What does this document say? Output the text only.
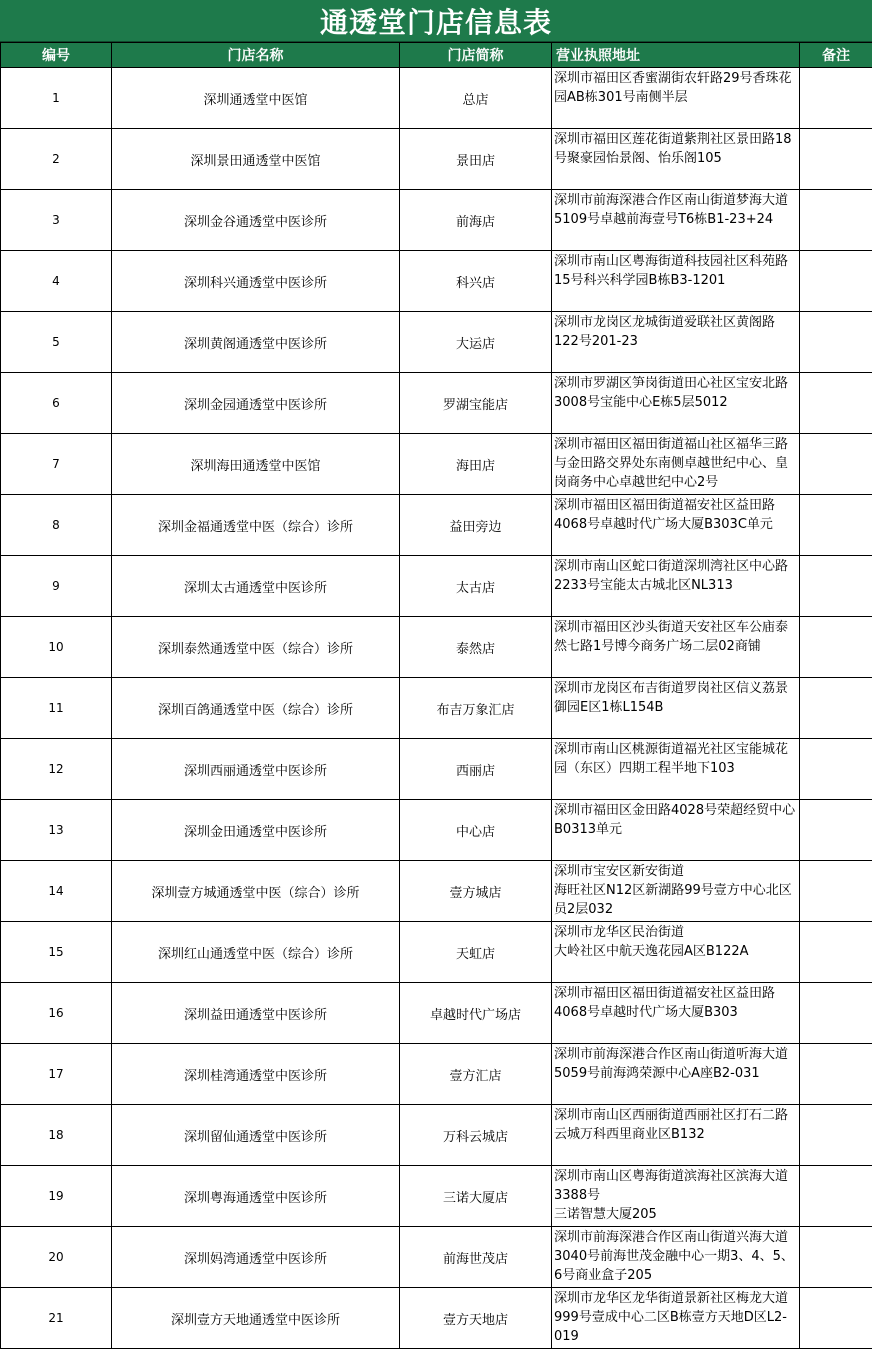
通透堂门店信息表
编号	门店名称	门店简称	营业执照地址	备注
1	深圳通透堂中医馆	总店	深圳市福田区香蜜湖街农轩路29号香珠花园AB栋301号南侧半层	

2	深圳景田通透堂中医馆	景田店	深圳市福田区莲花街道紫荆社区景田路18号聚豪园怡景阁、怡乐阁105	

3	深圳金谷通透堂中医诊所	前海店	深圳市前海深港合作区南山街道梦海大道5109号卓越前海壹号T6栋B1-23+24	

4	深圳科兴通透堂中医诊所	科兴店	深圳市南山区粤海街道科技园社区科苑路15号科兴科学园B栋B3-1201	

5	深圳黄阁通透堂中医诊所	大运店	深圳市龙岗区龙城街道爱联社区黄阁路122号201-23	

6	深圳金园通透堂中医诊所	罗湖宝能店	深圳市罗湖区笋岗街道田心社区宝安北路3008号宝能中心E栋5层5012	

7	深圳海田通透堂中医馆	海田店	深圳市福田区福田街道福山社区福华三路与金田路交界处东南侧卓越世纪中心、皇岗商务中心卓越世纪中心2号	

8	深圳金福通透堂中医（综合）诊所	益田旁边	深圳市福田区福田街道福安社区益田路4068号卓越时代广场大厦B303C单元	

9	深圳太古通透堂中医诊所	太古店	深圳市南山区蛇口街道深圳湾社区中心路2233号宝能太古城北区NL313	

10	深圳泰然通透堂中医（综合）诊所	泰然店	深圳市福田区沙头街道天安社区车公庙泰然七路1号博今商务广场二层02商铺	

11	深圳百鸽通透堂中医（综合）诊所	布吉万象汇店	深圳市龙岗区布吉街道罗岗社区信义荔景御园E区1栋L154B	

12	深圳西丽通透堂中医诊所	西丽店	深圳市南山区桃源街道福光社区宝能城花园（东区）四期工程半地下103	

13	深圳金田通透堂中医诊所	中心店	深圳市福田区金田路4028号荣超经贸中心B0313单元	

14	深圳壹方城通透堂中医（综合）诊所	壹方城店	深圳市宝安区新安街道
海旺社区N12区新湖路99号壹方中心北区员2层032	

15	深圳红山通透堂中医（综合）诊所	天虹店	深圳市龙华区民治街道
大岭社区中航天逸花园A区B122A	

16	深圳益田通透堂中医诊所	卓越时代广场店	深圳市福田区福田街道福安社区益田路4068号卓越时代广场大厦B303	

17	深圳桂湾通透堂中医诊所	壹方汇店	深圳市前海深港合作区南山街道听海大道5059号前海鸿荣源中心A座B2-031	

18	深圳留仙通透堂中医诊所	万科云城店	深圳市南山区西丽街道西丽社区打石二路云城万科西里商业区B132	

19	深圳粤海通透堂中医诊所	三诺大厦店	深圳市南山区粤海街道滨海社区滨海大道3388号
三诺智慧大厦205	

20	深圳妈湾通透堂中医诊所	前海世茂店	深圳市前海深港合作区南山街道兴海大道3040号前海世茂金融中心一期3、4、5、6号商业盒子205	

21	深圳壹方天地通透堂中医诊所	壹方天地店	深圳市龙华区龙华街道景新社区梅龙大道999号壹成中心二区B栋壹方天地D区L2-019	
